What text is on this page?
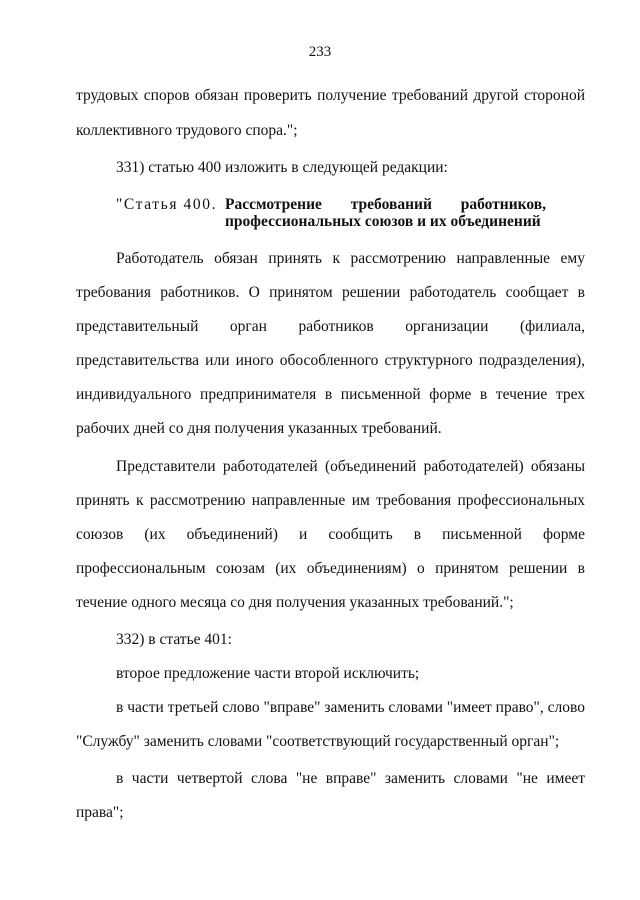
233
трудовых споров обязан проверить получение требований другой стороной
коллективного трудового спора.";
331) статью 400 изложить в следующей редакции:
"Статья 400. Рассмотрение требований работников,
профессиональных союзов и их объединений
Работодатель обязан принять к рассмотрению направленные ему
требования работников. О принятом решении работодатель сообщает в
представительный орган работников организации (филиала,
представительства или иного обособленного структурного подразделения),
индивидуального предпринимателя в письменной форме в течение трех
рабочих дней со дня получения указанных требований.
Представители работодателей (объединений работодателей) обязаны
принять к рассмотрению направленные им требования профессиональных
союзов (их объединений) и сообщить в письменной форме
профессиональным союзам (их объединениям) о принятом решении в
течение одного месяца со дня получения указанных требований.";
332) в статье 401:
второе предложение части второй исключить;
в части третьей слово "вправе" заменить словами "имеет право", слово
"Службу" заменить словами "соответствующий государственный орган";
в части четвертой слова "не вправе" заменить словами "не имеет
права";
